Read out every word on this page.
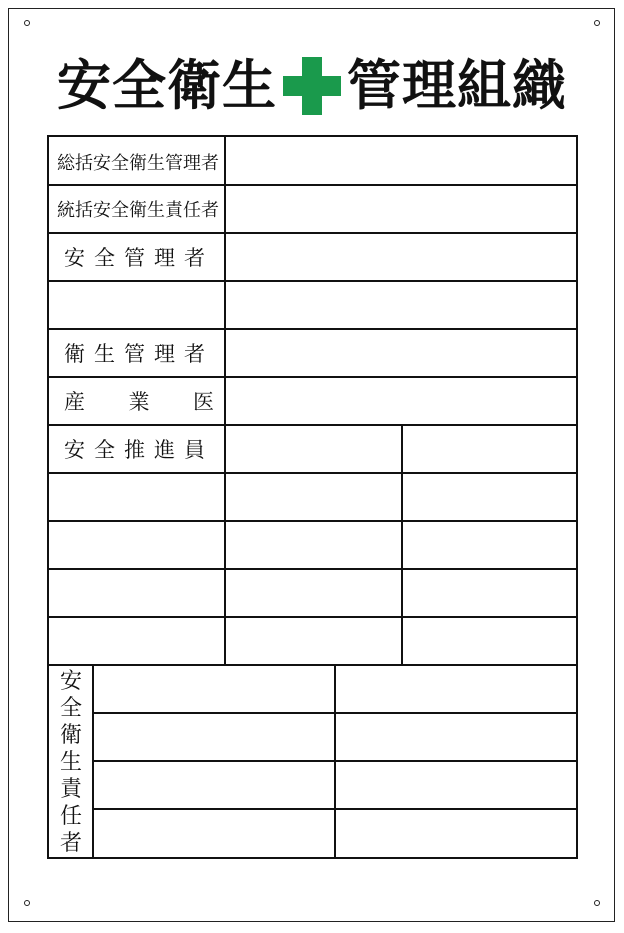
安全衛生 管理組織
総括安全衛生管理者
統括安全衛生責任者
安全管理者
衛生管理者
産 業 医
安全推進員
安
全
衛
生
責
任
者
